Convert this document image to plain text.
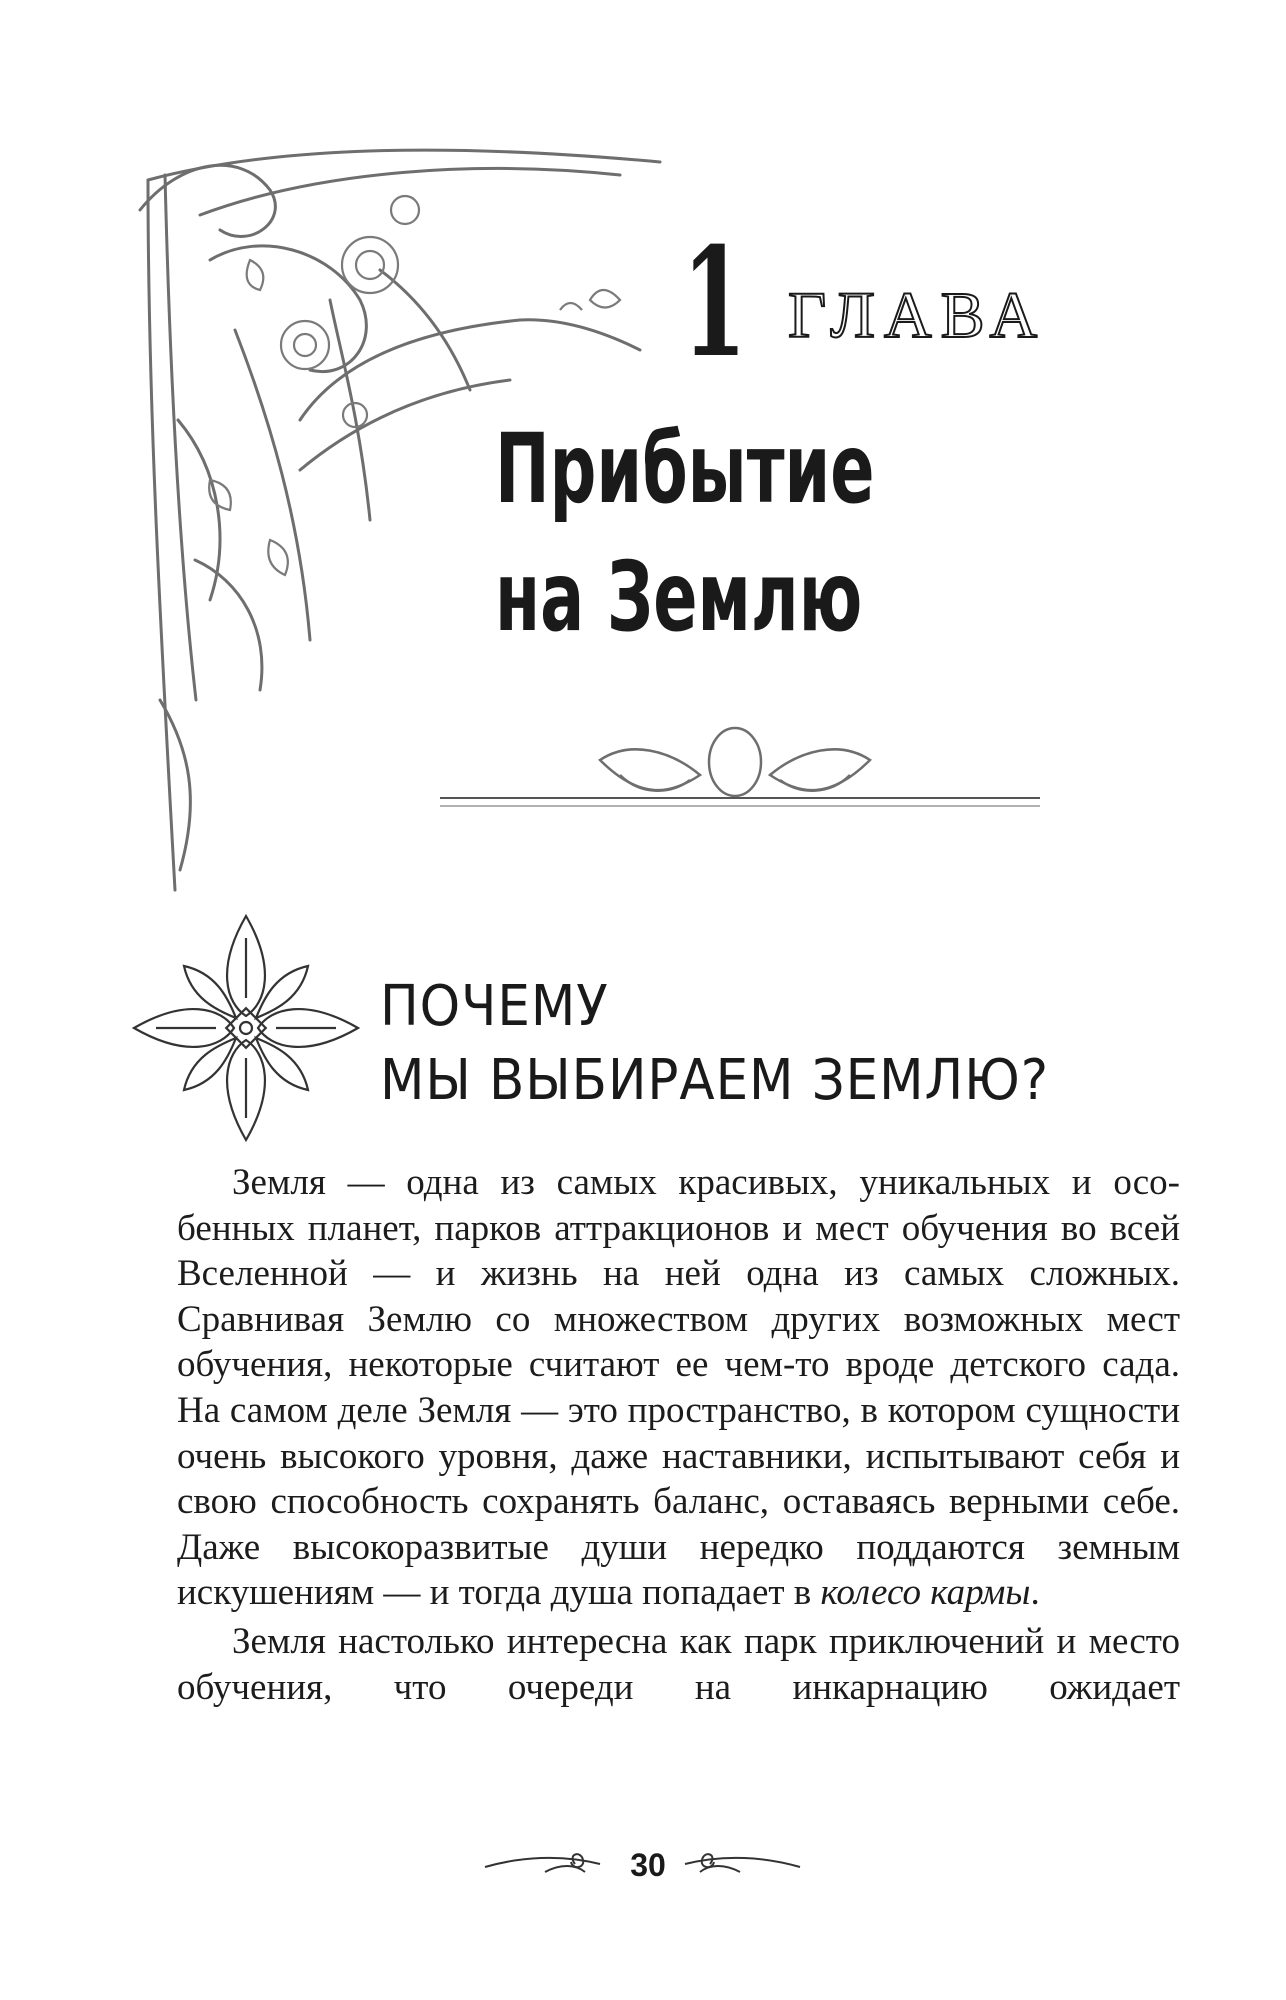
1 ГЛАВА
Прибытие
на Землю
ПОЧЕМУ
МЫ ВЫБИРАЕМ ЗЕМЛЮ?

Земля — одна из самых красивых, уникальных и особенных планет, парков аттракционов и мест обучения во всей Вселенной — и жизнь на ней одна из самых сложных. Сравнивая Землю со множеством других возможных мест обучения, некоторые считают ее чем-то вроде детского сада. На самом деле Земля — это пространство, в котором сущности очень высокого уровня, даже наставники, испытывают себя и свою способность сохранять баланс, оставаясь верными себе. Даже высокоразвитые души нередко поддаются земным искушениям — и тогда душа попадает в колесо кармы.

Земля настолько интересна как парк приключений и место обучения, что очереди на инкарнацию ожидает

30
